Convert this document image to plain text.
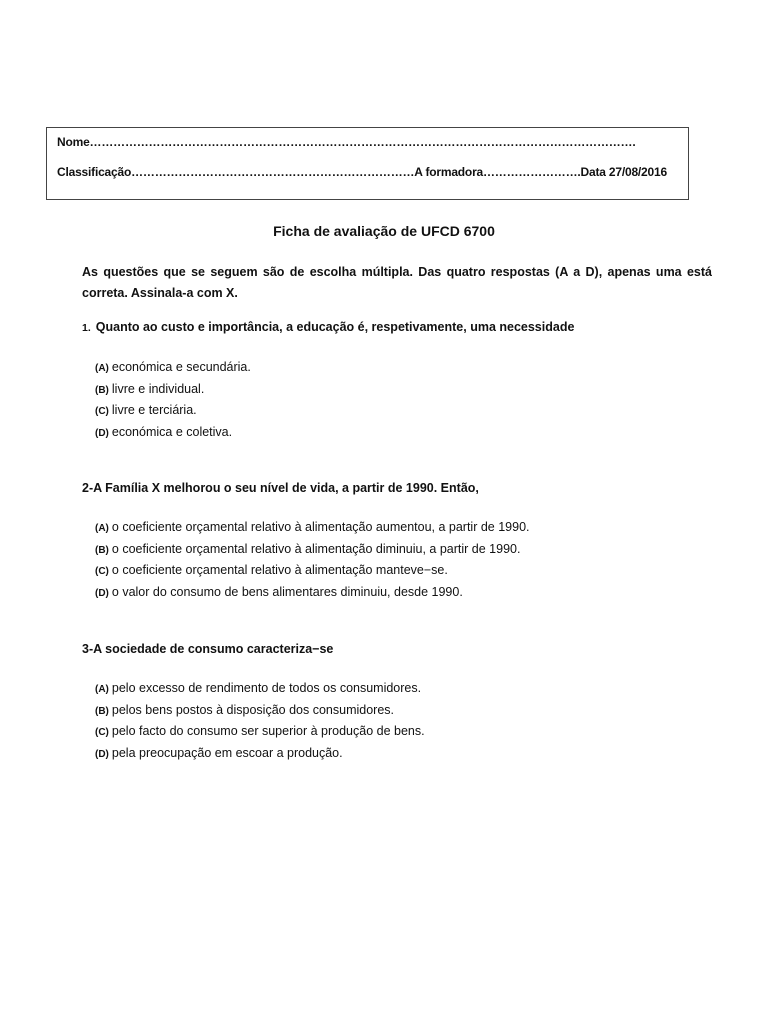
Nome………………………………………………………………………………………………………………………….
Classificação………………………………………………………………A formadora…………………….Data 27/08/2016
Ficha de avaliação de UFCD 6700
As questões que se seguem são de escolha múltipla. Das quatro respostas (A a D), apenas uma está correta. Assinala-a com X.
1. Quanto ao custo e importância, a educação é, respetivamente, uma necessidade
(A) económica e secundária.
(B) livre e individual.
(C) livre e terciária.
(D) económica e coletiva.
2-A Família X melhorou o seu nível de vida, a partir de 1990. Então,
(A) o coeficiente orçamental relativo à alimentação aumentou, a partir de 1990.
(B) o coeficiente orçamental relativo à alimentação diminuiu, a partir de 1990.
(C) o coeficiente orçamental relativo à alimentação manteve−se.
(D) o valor do consumo de bens alimentares diminuiu, desde 1990.
3-A sociedade de consumo caracteriza−se
(A) pelo excesso de rendimento de todos os consumidores.
(B) pelos bens postos à disposição dos consumidores.
(C) pelo facto do consumo ser superior à produção de bens.
(D) pela preocupação em escoar a produção.
